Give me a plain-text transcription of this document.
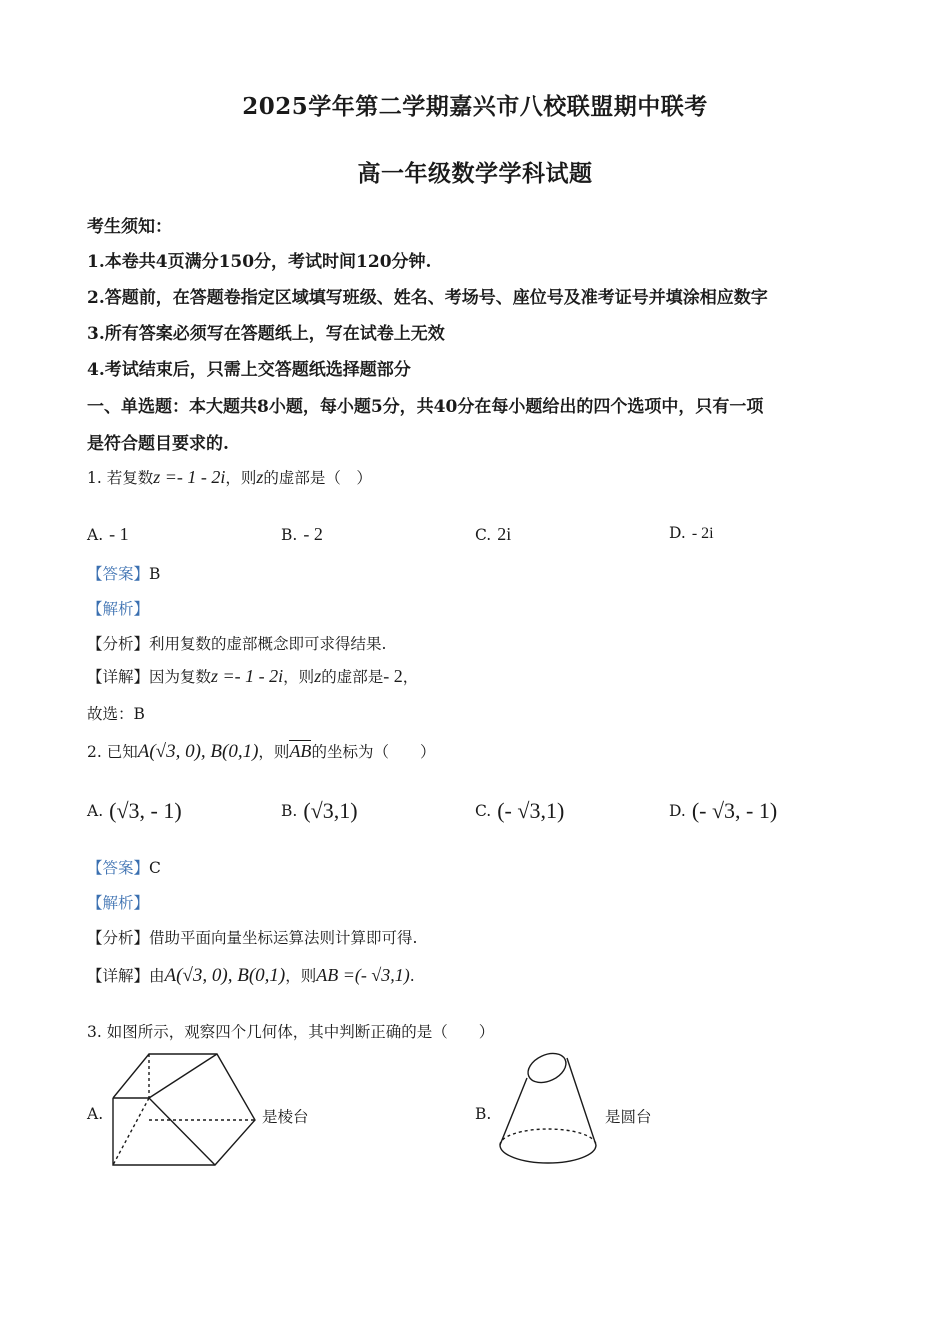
2025学年第二学期嘉兴市八校联盟期中联考
高一年级数学学科试题
考生须知：
1.本卷共4页满分150分，考试时间120分钟.
2.答题前，在答题卷指定区域填写班级、姓名、考场号、座位号及准考证号并填涂相应数字
3.所有答案必须写在答题纸上，写在试卷上无效
4.考试结束后，只需上交答题纸选择题部分
一、单选题：本大题共8小题，每小题5分，共40分在每小题给出的四个选项中，只有一项
是符合题目要求的.
1. 若复数z =- 1 - 2i，则z的虚部是（　）
A. - 1	B. - 2	C. 2i	D. - 2i
【答案】B
【解析】
【分析】利用复数的虚部概念即可求得结果.
【详解】因为复数z =- 1 - 2i，则z的虚部是- 2，
故选：B
2. 已知A(√3, 0), B(0,1)，则AB的坐标为（　　）
A. (√3, - 1)	B. (√3,1)	C. (- √3,1)	D. (- √3, - 1)
【答案】C
【解析】
【分析】借助平面向量坐标运算法则计算即可得.
【详解】由A(√3, 0), B(0,1)，则AB =(- √3,1).
3. 如图所示，观察四个几何体，其中判断正确的是（　　）
A.	是棱台	B.	是圆台
